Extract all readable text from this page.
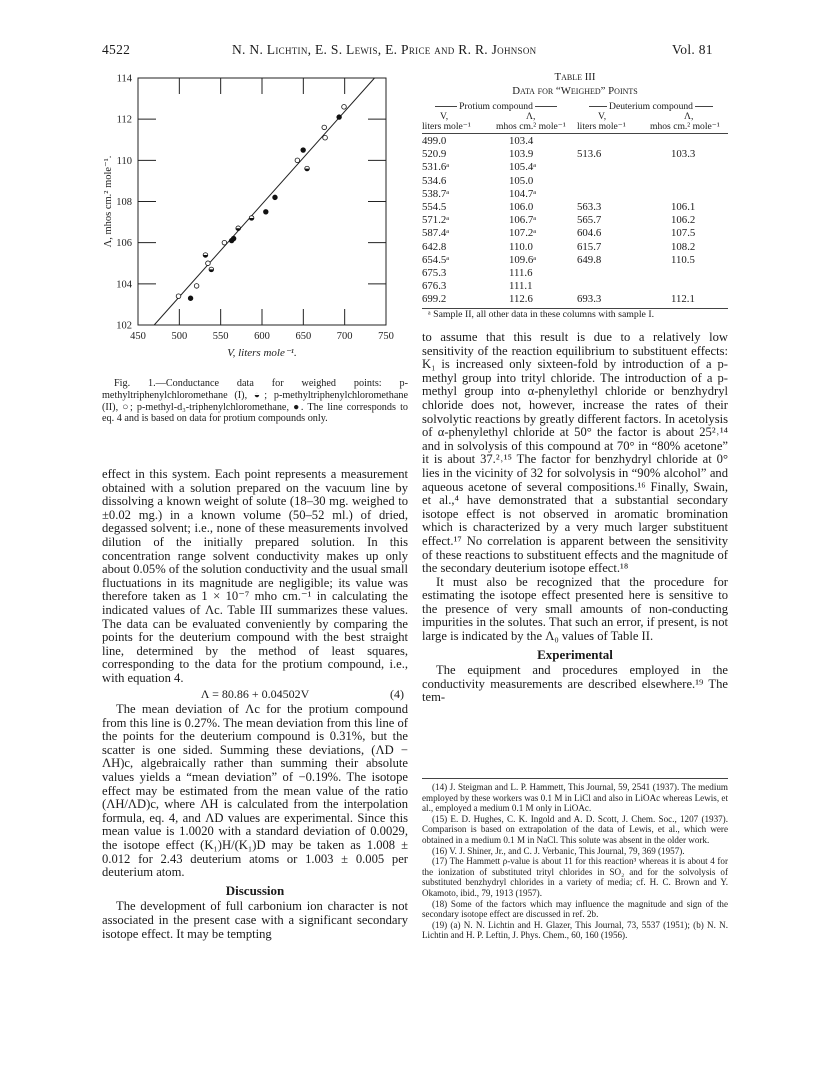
4522	N. N. Lichtin, E. S. Lewis, E. Price and R. R. Johnson	Vol. 81
450 500 550 600 650 700 750
102
104
106
108
110
112
114
V, liters mole⁻¹.
Λ, mhos cm.² mole⁻¹.

Fig. 1.—Conductance data for weighed points: p-methyltriphenylchloromethane (I), ◒; p-methyltriphenylchloromethane (II), ○; p-methyl-d₃-triphenylchloromethane, ●. The line corresponds to eq. 4 and is based on data for protium compounds only.

effect in this system. Each point represents a measurement obtained with a solution prepared on the vacuum line by dissolving a known weight of solute (18–30 mg. weighed to ±0.02 mg.) in a known volume (50–52 ml.) of dried, degassed solvent; i.e., none of these measurements involved dilution of the initially prepared solution. In this concentration range solvent conductivity makes up only about 0.05% of the solution conductivity and the usual small fluctuations in its magnitude are negligible; its value was therefore taken as 1 × 10⁻⁷ mho cm.⁻¹ in calculating the indicated values of Λc. Table III summarizes these values. The data can be evaluated conveniently by comparing the points for the deuterium compound with the best straight line, determined by the method of least squares, corresponding to the data for the protium compound, i.e., with equation 4.

Λ = 80.86 + 0.04502V	(4)

The mean deviation of Λc for the protium compound from this line is 0.27%. The mean deviation from this line of the points for the deuterium compound is 0.31%, but the scatter is one sided. Summing these deviations, (ΛD − ΛH)c, algebraically rather than summing their absolute values yields a “mean deviation” of −0.19%. The isotope effect may be estimated from the mean value of the ratio (ΛH/ΛD)c, where ΛH is calculated from the interpolation formula, eq. 4, and ΛD values are experimental. Since this mean value is 1.0020 with a standard deviation of 0.0029, the isotope effect (K₁)H/(K₁)D may be taken as 1.008 ± 0.012 for 2.43 deuterium atoms or 1.003 ± 0.005 per deuterium atom.

Discussion

The development of full carbonium ion character is not associated in the present case with a significant secondary isotope effect. It may be tempting

Table III
Data for “Weighed” Points
Protium compound	Deuterium compound
V,	Λ,	V,	Λ,
liters mole⁻¹	mhos cm.² mole⁻¹ liters mole⁻¹	mhos cm.² mole⁻¹
499.0	103.4		
520.9	103.9	513.6	103.3
531.6ᵃ	105.4ᵃ		
534.6	105.0		
538.7ᵃ	104.7ᵃ		
554.5	106.0	563.3	106.1
571.2ᵃ	106.7ᵃ	565.7	106.2
587.4ᵃ	107.2ᵃ	604.6	107.5
642.8	110.0	615.7	108.2
654.5ᵃ	109.6ᵃ	649.8	110.5
675.3	111.6		
676.3	111.1		
699.2	112.6	693.3	112.1
ᵃ Sample II, all other data in these columns with sample I.

to assume that this result is due to a relatively low sensitivity of the reaction equilibrium to substituent effects: K₁ is increased only sixteen-fold by introduction of a p-methyl group into trityl chloride. The introduction of a p-methyl group into α-phenylethyl chloride or benzhydryl chloride does not, however, increase the rates of their solvolytic reactions by greatly different factors. In acetolysis of α-phenylethyl chloride at 50° the factor is about 25²˒¹⁴ and in solvolysis of this compound at 70° in “80% acetone” it is about 37.²˒¹⁵ The factor for benzhydryl chloride at 0° lies in the vicinity of 32 for solvolysis in “90% alcohol” and aqueous acetone of several compositions.¹⁶ Finally, Swain, et al.,⁴ have demonstrated that a substantial secondary isotope effect is not observed in aromatic bromination which is characterized by a very much larger substituent effect.¹⁷ No correlation is apparent between the sensitivity of these reactions to substituent effects and the magnitude of the secondary deuterium isotope effect.¹⁸

It must also be recognized that the procedure for estimating the isotope effect presented here is sensitive to the presence of very small amounts of non-conducting impurities in the solutes. That such an error, if present, is not large is indicated by the Λ₀ values of Table II.

Experimental

The equipment and procedures employed in the conductivity measurements are described elsewhere.¹⁹ The tem-

(14) J. Steigman and L. P. Hammett, This Journal, 59, 2541 (1937). The medium employed by these workers was 0.1 M in LiCl and also in LiOAc whereas Lewis, et al., employed a medium 0.1 M only in LiOAc.

(15) E. D. Hughes, C. K. Ingold and A. D. Scott, J. Chem. Soc., 1207 (1937). Comparison is based on extrapolation of the data of Lewis, et al., which were obtained in a medium 0.1 M in NaCl. This solute was absent in the older work.

(16) V. J. Shiner, Jr., and C. J. Verbanic, This Journal, 79, 369 (1957).

(17) The Hammett ρ-value is about 11 for this reaction³ whereas it is about 4 for the ionization of substituted trityl chlorides in SO₂ and for the solvolysis of substituted benzhydryl chlorides in a variety of media; cf. H. C. Brown and Y. Okamoto, ibid., 79, 1913 (1957).

(18) Some of the factors which may influence the magnitude and sign of the secondary isotope effect are discussed in ref. 2b.

(19) (a) N. N. Lichtin and H. Glazer, This Journal, 73, 5537 (1951); (b) N. N. Lichtin and H. P. Leftin, J. Phys. Chem., 60, 160 (1956).
